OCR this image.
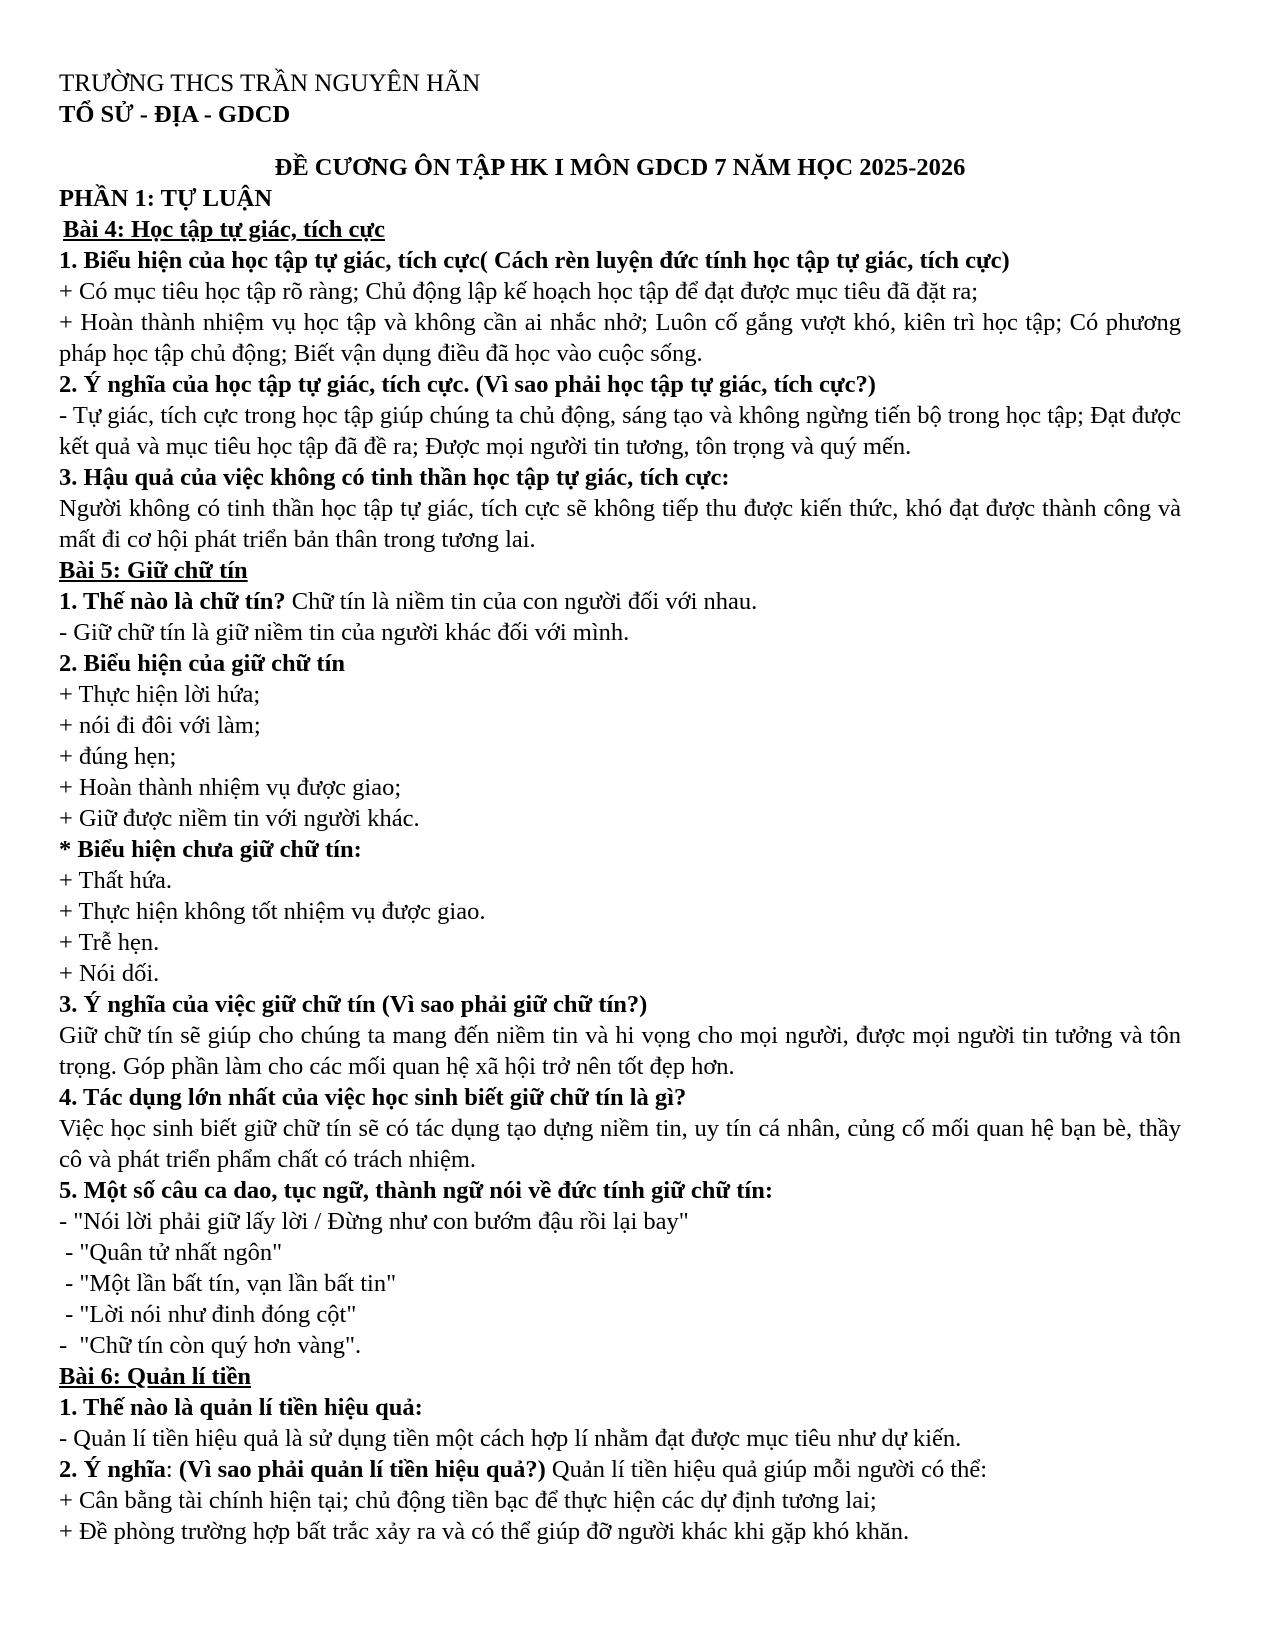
TRƯỜNG THCS TRẦN NGUYÊN HÃN

TỔ SỬ - ĐỊA - GDCD

ĐỀ CƯƠNG ÔN TẬP HK I MÔN GDCD 7 NĂM HỌC 2025-2026

PHẦN 1: TỰ LUẬN

Bài 4: Học tập tự giác, tích cực

1. Biểu hiện của học tập tự giác, tích cực( Cách rèn luyện đức tính học tập tự giác, tích cực)

+ Có mục tiêu học tập rõ ràng; Chủ động lập kế hoạch học tập để đạt được mục tiêu đã đặt ra;

+ Hoàn thành nhiệm vụ học tập và không cần ai nhắc nhở; Luôn cố gắng vượt khó, kiên trì học tập; Có phương pháp học tập chủ động; Biết vận dụng điều đã học vào cuộc sống.

2. Ý nghĩa của học tập tự giác, tích cực. (Vì sao phải học tập tự giác, tích cực?)

- Tự giác, tích cực trong học tập giúp chúng ta chủ động, sáng tạo và không ngừng tiến bộ trong học tập; Đạt được kết quả và mục tiêu học tập đã đề ra; Được mọi người tin tương, tôn trọng và quý mến.

3. Hậu quả của việc không có tinh thần học tập tự giác, tích cực:

Người không có tinh thần học tập tự giác, tích cực sẽ không tiếp thu được kiến thức, khó đạt được thành công và mất đi cơ hội phát triển bản thân trong tương lai.

Bài 5: Giữ chữ tín

1. Thế nào là chữ tín? Chữ tín là niềm tin của con người đối với nhau.

- Giữ chữ tín là giữ niềm tin của người khác đối với mình.

2. Biểu hiện của giữ chữ tín

+ Thực hiện lời hứa;

+ nói đi đôi với làm;

+ đúng hẹn;

+ Hoàn thành nhiệm vụ được giao;

+ Giữ được niềm tin với người khác.

* Biểu hiện chưa giữ chữ tín:

+ Thất hứa.

+ Thực hiện không tốt nhiệm vụ được giao.

+ Trễ hẹn.

+ Nói dối.

3. Ý nghĩa của việc giữ chữ tín (Vì sao phải giữ chữ tín?)

Giữ chữ tín sẽ giúp cho chúng ta mang đến niềm tin và hi vọng cho mọi người, được mọi người tin tưởng và tôn trọng. Góp phần làm cho các mối quan hệ xã hội trở nên tốt đẹp hơn.

4. Tác dụng lớn nhất của việc học sinh biết giữ chữ tín là gì?

Việc học sinh biết giữ chữ tín sẽ có tác dụng tạo dựng niềm tin, uy tín cá nhân, củng cố mối quan hệ bạn bè, thầy cô và phát triển phẩm chất có trách nhiệm.

5. Một số câu ca dao, tục ngữ, thành ngữ nói về đức tính giữ chữ tín:

- "Nói lời phải giữ lấy lời / Đừng như con bướm đậu rồi lại bay"

- "Quân tử nhất ngôn"

- "Một lần bất tín, vạn lần bất tin"

- "Lời nói như đinh đóng cột"

-  "Chữ tín còn quý hơn vàng".

Bài 6: Quản lí tiền

1. Thế nào là quản lí tiền hiệu quả:

- Quản lí tiền hiệu quả là sử dụng tiền một cách hợp lí nhằm đạt được mục tiêu như dự kiến.

2. Ý nghĩa: (Vì sao phải quản lí tiền hiệu quả?) Quản lí tiền hiệu quả giúp mỗi người có thể:

+ Cân bằng tài chính hiện tại; chủ động tiền bạc để thực hiện các dự định tương lai;

+ Đề phòng trường hợp bất trắc xảy ra và có thể giúp đỡ người khác khi gặp khó khăn.
